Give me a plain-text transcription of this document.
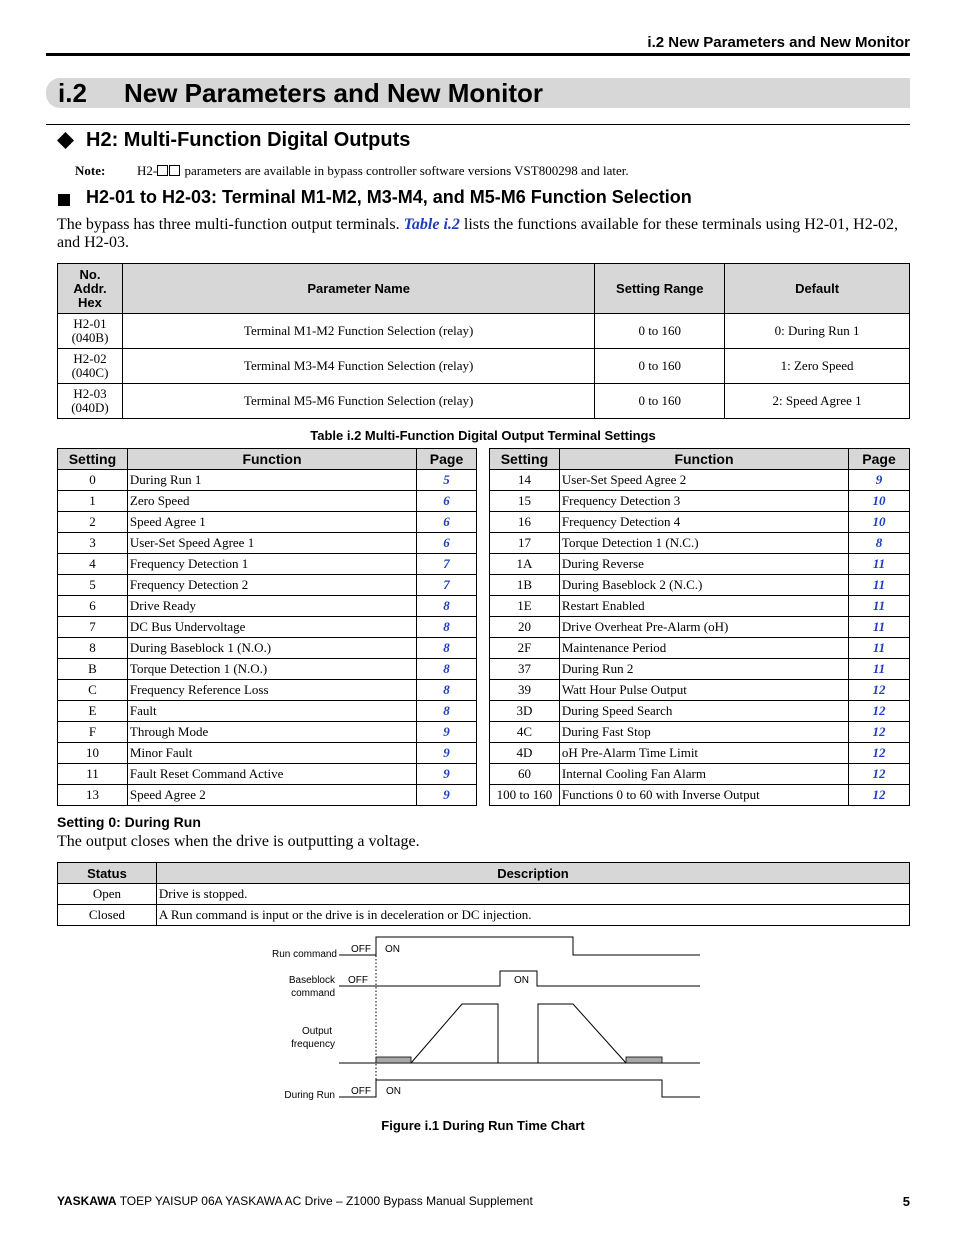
i.2 New Parameters and New Monitor
i.2 New Parameters and New Monitor
H2: Multi-Function Digital Outputs
Note: H2- parameters are available in bypass controller software versions VST800298 and later.
H2-01 to H2-03: Terminal M1-M2, M3-M4, and M5-M6 Function Selection
The bypass has three multi-function output terminals. Table i.2 lists the functions available for these terminals using H2-01, H2-02, and H2-03.
No.
Addr.
Hex	Parameter Name	Setting Range	Default

H2-01
(040B)	Terminal M1-M2 Function Selection (relay)	0 to 160	0: During Run 1

H2-02
(040C)	Terminal M3-M4 Function Selection (relay)	0 to 160	1: Zero Speed

H2-03
(040D)	Terminal M5-M6 Function Selection (relay)	0 to 160	2: Speed Agree 1
Table i.2 Multi-Function Digital Output Terminal Settings
Setting	Function	Page
0	During Run 1	5
1	Zero Speed	6
2	Speed Agree 1	6
3	User-Set Speed Agree 1	6
4	Frequency Detection 1	7
5	Frequency Detection 2	7
6	Drive Ready	8
7	DC Bus Undervoltage	8
8	During Baseblock 1 (N.O.)	8
B	Torque Detection 1 (N.O.)	8
C	Frequency Reference Loss	8
E	Fault	8
F	Through Mode	9
10	Minor Fault	9
11	Fault Reset Command Active	9
13	Speed Agree 2	9
Setting	Function	Page
14	User-Set Speed Agree 2	9
15	Frequency Detection 3	10
16	Frequency Detection 4	10
17	Torque Detection 1 (N.C.)	8
1A	During Reverse	11
1B	During Baseblock 2 (N.C.)	11
1E	Restart Enabled	11
20	Drive Overheat Pre-Alarm (oH)	11
2F	Maintenance Period	11
37	During Run 2	11
39	Watt Hour Pulse Output	12
3D	During Speed Search	12
4C	During Fast Stop	12
4D	oH Pre-Alarm Time Limit	12
60	Internal Cooling Fan Alarm	12
100 to 160	Functions 0 to 60 with Inverse Output	12
Setting 0: During Run
The output closes when the drive is outputting a voltage.
Status	Description
Open	Drive is stopped.
Closed	A Run command is input or the drive is in deceleration or DC injection.
Run command
Baseblock
command
Output
frequency
During Run
OFF ON
OFF	ON
OFF ON
Figure i.1 During Run Time Chart
YASKAWA TOEP YAISUP 06A YASKAWA AC Drive – Z1000 Bypass Manual Supplement	5
